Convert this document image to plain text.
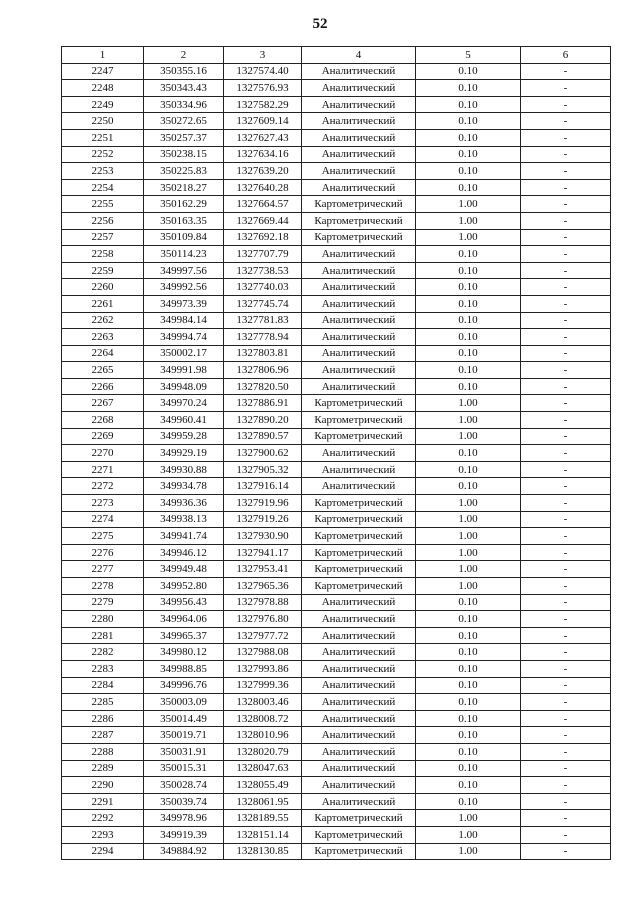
52
1	2	3	4	5	6
2247	350355.16	1327574.40	Аналитический	0.10	-
2248	350343.43	1327576.93	Аналитический	0.10	-
2249	350334.96	1327582.29	Аналитический	0.10	-
2250	350272.65	1327609.14	Аналитический	0.10	-
2251	350257.37	1327627.43	Аналитический	0.10	-
2252	350238.15	1327634.16	Аналитический	0.10	-
2253	350225.83	1327639.20	Аналитический	0.10	-
2254	350218.27	1327640.28	Аналитический	0.10	-
2255	350162.29	1327664.57	Картометрический	1.00	-
2256	350163.35	1327669.44	Картометрический	1.00	-
2257	350109.84	1327692.18	Картометрический	1.00	-
2258	350114.23	1327707.79	Аналитический	0.10	-
2259	349997.56	1327738.53	Аналитический	0.10	-
2260	349992.56	1327740.03	Аналитический	0.10	-
2261	349973.39	1327745.74	Аналитический	0.10	-
2262	349984.14	1327781.83	Аналитический	0.10	-
2263	349994.74	1327778.94	Аналитический	0.10	-
2264	350002.17	1327803.81	Аналитический	0.10	-
2265	349991.98	1327806.96	Аналитический	0.10	-
2266	349948.09	1327820.50	Аналитический	0.10	-
2267	349970.24	1327886.91	Картометрический	1.00	-
2268	349960.41	1327890.20	Картометрический	1.00	-
2269	349959.28	1327890.57	Картометрический	1.00	-
2270	349929.19	1327900.62	Аналитический	0.10	-
2271	349930.88	1327905.32	Аналитический	0.10	-
2272	349934.78	1327916.14	Аналитический	0.10	-
2273	349936.36	1327919.96	Картометрический	1.00	-
2274	349938.13	1327919.26	Картометрический	1.00	-
2275	349941.74	1327930.90	Картометрический	1.00	-
2276	349946.12	1327941.17	Картометрический	1.00	-
2277	349949.48	1327953.41	Картометрический	1.00	-
2278	349952.80	1327965.36	Картометрический	1.00	-
2279	349956.43	1327978.88	Аналитический	0.10	-
2280	349964.06	1327976.80	Аналитический	0.10	-
2281	349965.37	1327977.72	Аналитический	0.10	-
2282	349980.12	1327988.08	Аналитический	0.10	-
2283	349988.85	1327993.86	Аналитический	0.10	-
2284	349996.76	1327999.36	Аналитический	0.10	-
2285	350003.09	1328003.46	Аналитический	0.10	-
2286	350014.49	1328008.72	Аналитический	0.10	-
2287	350019.71	1328010.96	Аналитический	0.10	-
2288	350031.91	1328020.79	Аналитический	0.10	-
2289	350015.31	1328047.63	Аналитический	0.10	-
2290	350028.74	1328055.49	Аналитический	0.10	-
2291	350039.74	1328061.95	Аналитический	0.10	-
2292	349978.96	1328189.55	Картометрический	1.00	-
2293	349919.39	1328151.14	Картометрический	1.00	-
2294	349884.92	1328130.85	Картометрический	1.00	-
